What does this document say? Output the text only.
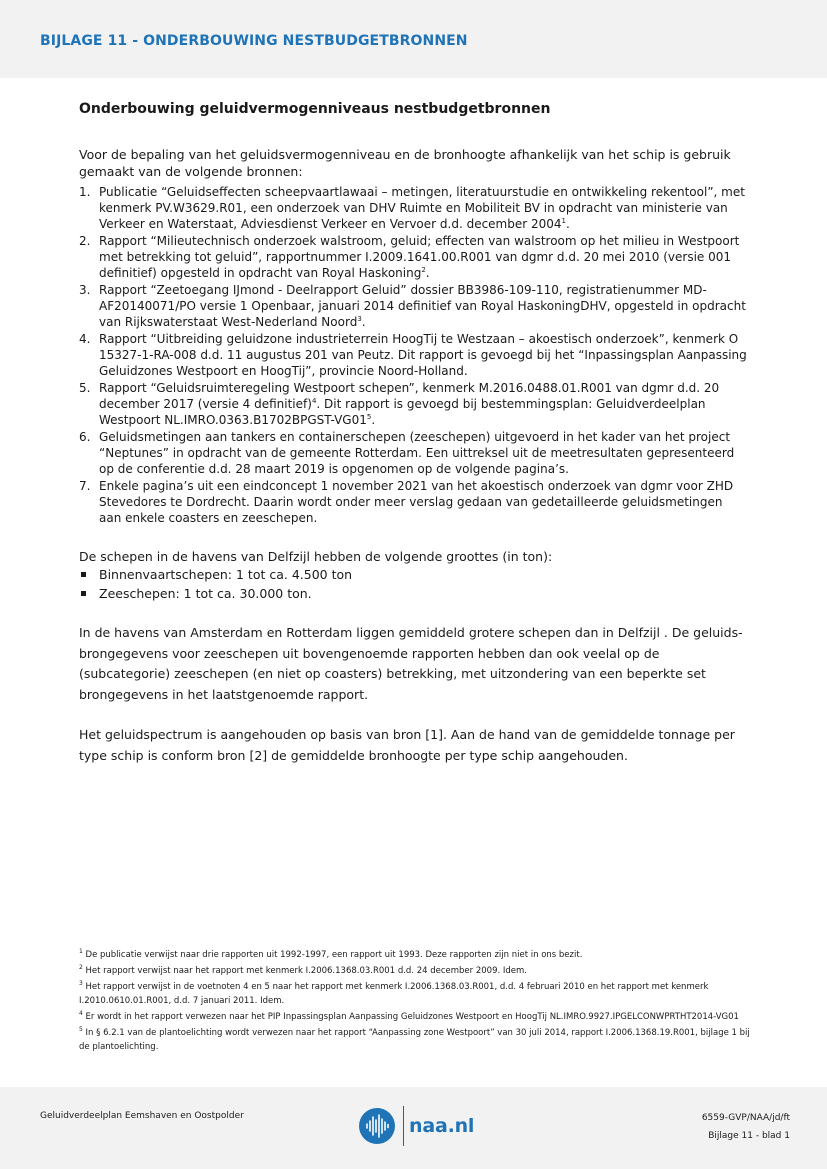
BIJLAGE 11 - ONDERBOUWING NESTBUDGETBRONNEN
Onderbouwing geluidvermogenniveaus nestbudgetbronnen

Voor de bepaling van het geluidsvermogenniveau en de bronhoogte afhankelijk van het schip is gebruik gemaakt van de volgende bronnen:

1. Publicatie “Geluidseffecten scheepvaartlawaai – metingen, literatuurstudie en ontwikkeling rekentool”, met kenmerk PV.W3629.R01, een onderzoek van DHV Ruimte en Mobiliteit BV in opdracht van ministerie van Verkeer en Waterstaat, Adviesdienst Verkeer en Vervoer d.d. december 2004$^1$.
2. Rapport “Milieutechnisch onderzoek walstroom, geluid; effecten van walstroom op het milieu in Westpoort met betrekking tot geluid”, rapportnummer I.2009.1641.00.R001 van dgmr d.d. 20 mei 2010 (versie 001 definitief) opgesteld in opdracht van Royal Haskoning$^2$.
3. Rapport “Zeetoegang IJmond - Deelrapport Geluid” dossier BB3986-109-110, registratienummer MD-AF20140071/PO versie 1 Openbaar, januari 2014 definitief van Royal HaskoningDHV, opgesteld in opdracht van Rijkswaterstaat West-Nederland Noord$^3$.
4. Rapport “Uitbreiding geluidzone industrieterrein HoogTij te Westzaan – akoestisch onderzoek”, kenmerk O 15327-1-RA-008 d.d. 11 augustus 201 van Peutz. Dit rapport is gevoegd bij het “Inpassingsplan Aanpassing Geluidzones Westpoort en HoogTij”, provincie Noord-Holland.
5. Rapport “Geluidsruimteregeling Westpoort schepen”, kenmerk M.2016.0488.01.R001 van dgmr d.d. 20 december 2017 (versie 4 definitief)$^4$. Dit rapport is gevoegd bij bestemmingsplan: Geluidverdeelplan Westpoort $NL.IMRO.0363.B1702BPGST-VG01^5$.
6. Geluidsmetingen aan tankers en containerschepen (zeeschepen) uitgevoerd in het kader van het project “Neptunes” in opdracht van de gemeente Rotterdam. Een uittreksel uit de meetresultaten gepresenteerd op de conferentie d.d. 28 maart 2019 is opgenomen op de volgende pagina’s.
7. Enkele pagina’s uit een eindconcept 1 november 2021 van het akoestisch onderzoek van dgmr voor ZHD Stevedores te Dordrecht. Daarin wordt onder meer verslag gedaan van gedetailleerde geluidsmetingen aan enkele coasters en zeeschepen.

De schepen in de havens van Delfzijl hebben de volgende groottes (in ton):

Binnenvaartschepen: 1 tot ca. 4.500 ton
Zeeschepen: 1 tot ca. 30.000 ton.

In de havens van Amsterdam en Rotterdam liggen gemiddeld grotere schepen dan in Delfzijl . De geluids-brongegevens voor zeeschepen uit bovengenoemde rapporten hebben dan ook veelal op de (subcategorie) zeeschepen (en niet op coasters) betrekking, met uitzondering van een beperkte set brongegevens in het laatstgenoemde rapport.

Het geluidspectrum is aangehouden op basis van bron [1]. Aan de hand van de gemiddelde tonnage per type schip is conform bron [2] de gemiddelde bronhoogte per type schip aangehouden.

$^1$ De publicatie verwijst naar drie rapporten uit 1992-1997, een rapport uit 1993. Deze rapporten zijn niet in ons bezit.
$^2$ Het rapport verwijst naar het rapport met kenmerk I.2006.1368.03.R001 d.d. 24 december 2009. Idem.
$^3$ Het rapport verwijst in de voetnoten 4 en 5 naar het rapport met kenmerk I.2006.1368.03.R001, d.d. 4 februari 2010 en het rapport met kenmerk I.2010.0610.01.R001, d.d. 7 januari 2011. Idem.
$^4$ Er wordt in het rapport verwezen naar het PIP Inpassingsplan Aanpassing Geluidzones Westpoort en HoogTij NL.IMRO.9927.IPGELCONWPRTHT2014-VG01
$^5$ In § 6.2.1 van de plantoelichting wordt verwezen naar het rapport “Aanpassing zone Westpoort” van 30 juli 2014, rapport I.2006.1368.19.R001, bijlage 1 bij de plantoelichting.
Geluidverdeelplan Eemshaven en Oostpolder	naa.nl	6559-GVP/NAA/jd/ft
Bijlage 11 - blad 1
